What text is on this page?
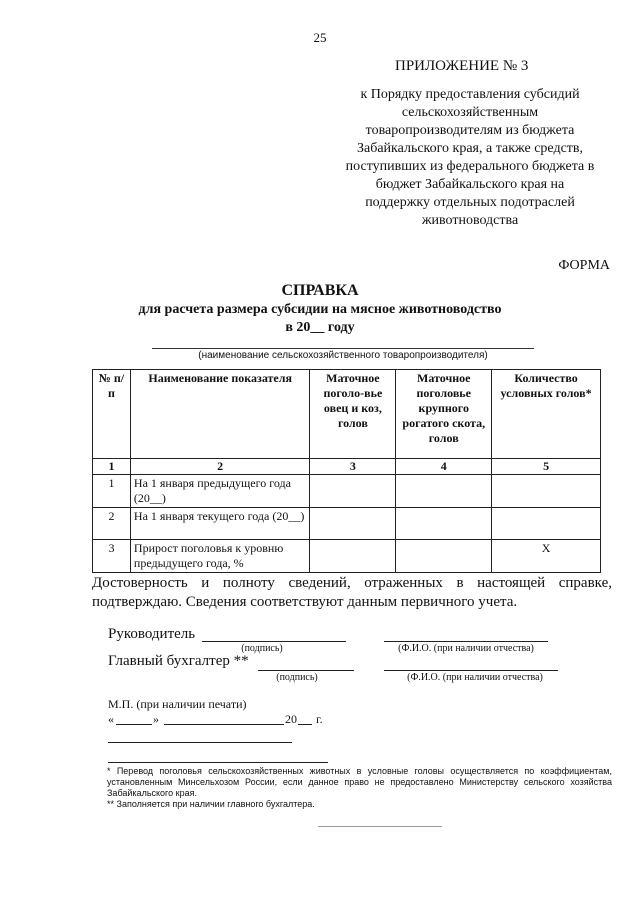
25
ПРИЛОЖЕНИЕ № 3
к Порядку предоставления субсидий
сельскохозяйственным
товаропроизводителям из бюджета
Забайкальского края, а также средств,
поступивших из федерального бюджета в
бюджет Забайкальского края на
поддержку отдельных подотраслей
животноводства
ФОРМА
СПРАВКА
для расчета размера субсидии на мясное животноводство
в 20__ году
(наименование сельскохозяйственного товаропроизводителя)
№ п/п	Наименование показателя	Маточное поголо-вье овец и коз, голов	Маточное поголовье крупного рогатого скота, голов	Количество условных голов*
1	2	3	4	5
1	На 1 января предыдущего года (20__)			
2	На 1 января текущего года (20__)			
3	Прирост поголовья к уровню предыдущего года, %			X
Достоверность и полноту сведений, отраженных в настоящей справке, подтверждаю. Сведения соответствуют данным первичного учета.
Руководитель
(подпись)	(Ф.И.О. (при наличии отчества)
Главный бухгалтер **
(подпись)	(Ф.И.О. (при наличии отчества)
М.П. (при наличии печати)
«	»	20 г.
* Перевод поголовья сельскохозяйственных животных в условные головы осуществляется по коэффициентам, установленным Минсельхозом России, если данное право не предоставлено Министерству сельского хозяйства Забайкальского края.
** Заполняется при наличии главного бухгалтера.
